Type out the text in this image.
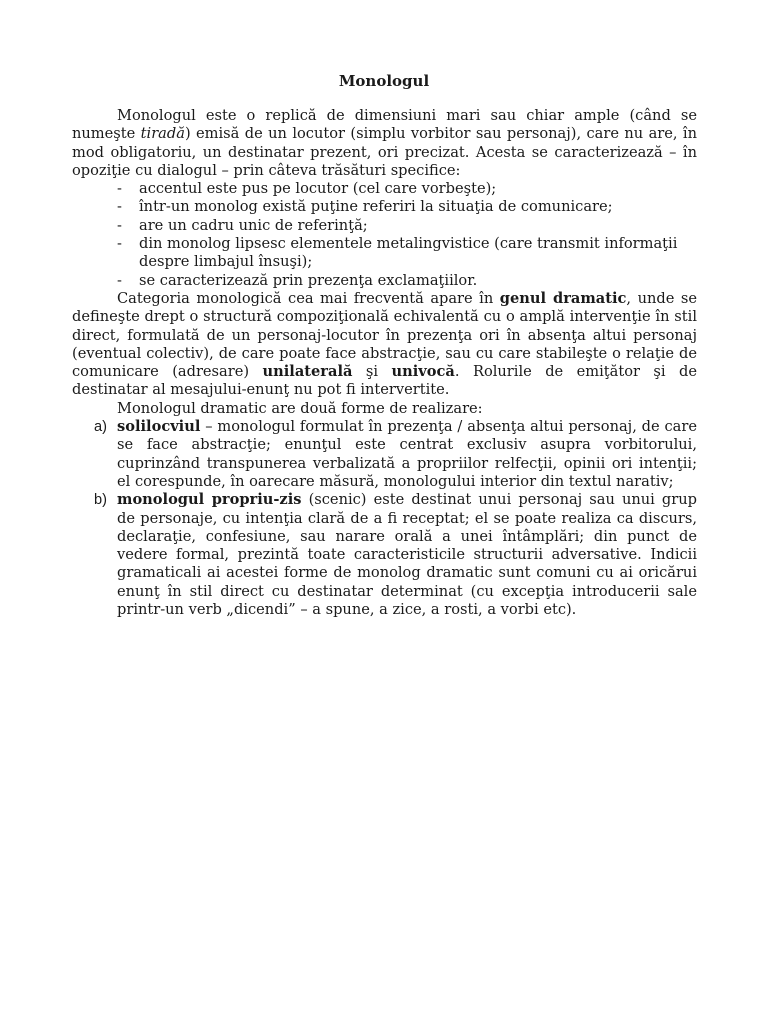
Monologul

Monologul este o replică de dimensiuni mari sau chiar ample (când se numeşte tiradă) emisă de un locutor (simplu vorbitor sau personaj), care nu are, în mod obligatoriu, un destinatar prezent, ori precizat. Acesta se caracterizează – în opoziţie cu dialogul – prin câteva trăsături specifice:

- accentul este pus pe locutor (cel care vorbeşte);
- într-un monolog există puţine referiri la situaţia de comunicare;
- are un cadru unic de referinţă;
- din monolog lipsesc elementele metalingvistice (care transmit informaţii despre limbajul însuşi);
- se caracterizează prin prezenţa exclamaţiilor.

Categoria monologică cea mai frecventă apare în genul dramatic, unde se defineşte drept o structură compoziţională echivalentă cu o amplă intervenţie în stil direct, formulată de un personaj-locutor în prezenţa ori în absenţa altui personaj (eventual colectiv), de care poate face abstracţie, sau cu care stabileşte o relaţie de comunicare (adresare) unilaterală şi univocă. Rolurile de emiţător şi de destinatar al mesajului-enunţ nu pot fi intervertite.

Monologul dramatic are două forme de realizare:

a) solilocviul – monologul formulat în prezenţa / absenţa altui personaj, de care se face abstracţie; enunţul este centrat exclusiv asupra vorbitorului, cuprinzând transpunerea verbalizată a propriilor relfecţii, opinii ori intenţii; el corespunde, în oarecare măsură, monologului interior din textul narativ;
b) monologul propriu-zis (scenic) este destinat unui personaj sau unui grup de personaje, cu intenţia clară de a fi receptat; el se poate realiza ca discurs, declaraţie, confesiune, sau narare orală a unei întâmplări; din punct de vedere formal, prezintă toate caracteristicile structurii adversative. Indicii gramaticali ai acestei forme de monolog dramatic sunt comuni cu ai oricărui enunţ în stil direct cu destinatar determinat (cu excepţia introducerii sale printr-un verb „dicendi” – a spune, a zice, a rosti, a vorbi etc).
